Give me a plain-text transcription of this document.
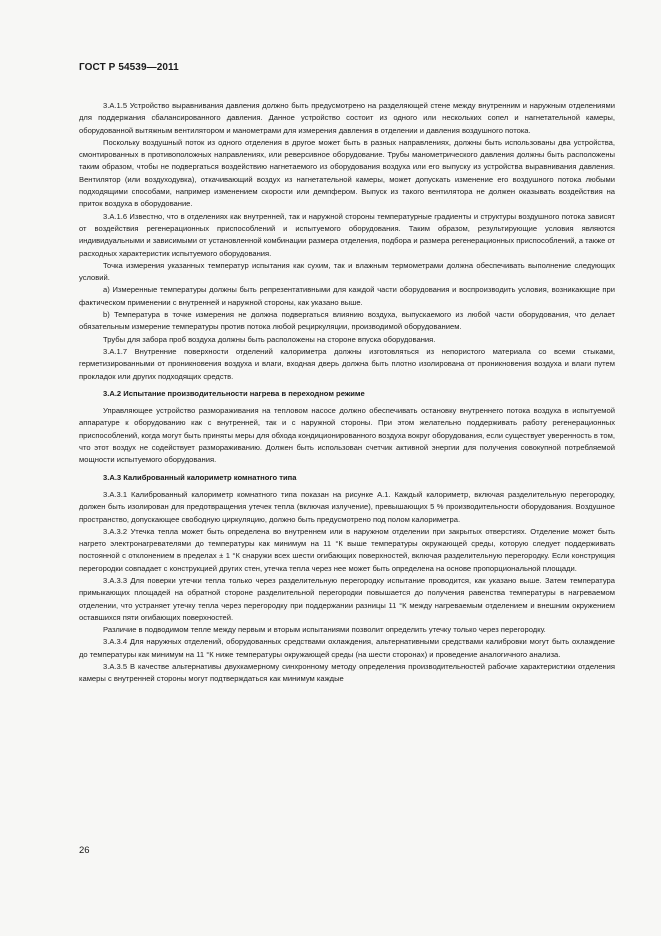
ГОСТ Р 54539—2011

3.А.1.5 Устройство выравнивания давления должно быть предусмотрено на разделяющей стене между внутренним и наружным отделениями для поддержания сбалансированного давления. Данное устройство состоит из одного или нескольких сопел и нагнетательной камеры, оборудованной вытяжным вентилятором и манометрами для измерения давления в отделении и давления воздушного потока.

Поскольку воздушный поток из одного отделения в другое может быть в разных направлениях, должны быть использованы два устройства, смонтированных в противоположных направлениях, или реверсивное оборудование. Трубы манометрического давления должны быть расположены таким образом, чтобы не подвергаться воздействию нагнетаемого из оборудования воздуха или его выпуску из устройства выравнивания давления. Вентилятор (или воздуходувка), откачивающий воздух из нагнетательной камеры, может допускать изменение его воздушного потока любыми подходящими способами, например изменением скорости или демпфером. Выпуск из такого вентилятора не должен оказывать воздействия на приток воздуха в оборудование.

3.А.1.6 Известно, что в отделениях как внутренней, так и наружной стороны температурные градиенты и структуры воздушного потока зависят от воздействия регенерационных приспособлений и испытуемого оборудования. Таким образом, результирующие условия являются индивидуальными и зависимыми от установленной комбинации размера отделения, подбора и размера регенерационных приспособлений, а также от расходных характеристик испытуемого оборудования.

Точка измерения указанных температур испытания как сухим, так и влажным термометрами должна обеспечивать выполнение следующих условий.

а) Измеренные температуры должны быть репрезентативными для каждой части оборудования и воспроизводить условия, возникающие при фактическом применении с внутренней и наружной стороны, как указано выше.

b) Температура в точке измерения не должна подвергаться влиянию воздуха, выпускаемого из любой части оборудования, что делает обязательным измерение температуры против потока любой рециркуляции, производимой оборудованием.

Трубы для забора проб воздуха должны быть расположены на стороне впуска оборудования.

3.А.1.7 Внутренние поверхности отделений калориметра должны изготовляться из непористого материала со всеми стыками, герметизированными от проникновения воздуха и влаги, входная дверь должна быть плотно изолирована от проникновения воздуха и влаги путем прокладок или других подходящих средств.

3.А.2 Испытание производительности нагрева в переходном режиме

Управляющее устройство размораживания на тепловом насосе должно обеспечивать остановку внутреннего потока воздуха в испытуемой аппаратуре к оборудованию как с внутренней, так и с наружной стороны. При этом желательно поддерживать работу регенерационных приспособлений, когда могут быть приняты меры для обхода кондиционированного воздуха вокруг оборудования, если существует уверенность в том, что этот воздух не содействует размораживанию. Должен быть использован счетчик активной энергии для получения совокупной потребляемой мощности испытуемого оборудования.

3.А.3 Калиброванный калориметр комнатного типа

3.А.3.1 Калиброванный калориметр комнатного типа показан на рисунке А.1. Каждый калориметр, включая разделительную перегородку, должен быть изолирован для предотвращения утечек тепла (включая излучение), превышающих 5 % производительности оборудования. Воздушное пространство, допускающее свободную циркуляцию, должно быть предусмотрено под полом калориметра.

3.А.3.2 Утечка тепла может быть определена во внутреннем или в наружном отделении при закрытых отверстиях. Отделение может быть нагрето электронагревателями до температуры как минимум на 11 °К выше температуры окружающей среды, которую следует поддерживать постоянной с отклонением в пределах ± 1 °К снаружи всех шести огибающих поверхностей, включая разделительную перегородку. Если конструкция перегородки совпадает с конструкцией других стен, утечка тепла через нее может быть определена на основе пропорциональной площади.

3.А.3.3 Для поверки утечки тепла только через разделительную перегородку испытание проводится, как указано выше. Затем температура примыкающих площадей на обратной стороне разделительной перегородки повышается до получения равенства температуры в нагреваемом отделении, что устраняет утечку тепла через перегородку при поддержании разницы 11 °К между нагреваемым отделением и внешним окружением оставшихся пяти огибающих поверхностей.

Различие в подводимом тепле между первым и вторым испытаниями позволит определить утечку только через перегородку.

3.А.3.4 Для наружных отделений, оборудованных средствами охлаждения, альтернативными средствами калибровки могут быть охлаждение до температуры как минимум на 11 °К ниже температуры окружающей среды (на шести сторонах) и проведение аналогичного анализа.

3.А.3.5 В качестве альтернативы двухкамерному синхронному методу определения производительностей рабочие характеристики отделения камеры с внутренней стороны могут подтверждаться как минимум каждые

26
